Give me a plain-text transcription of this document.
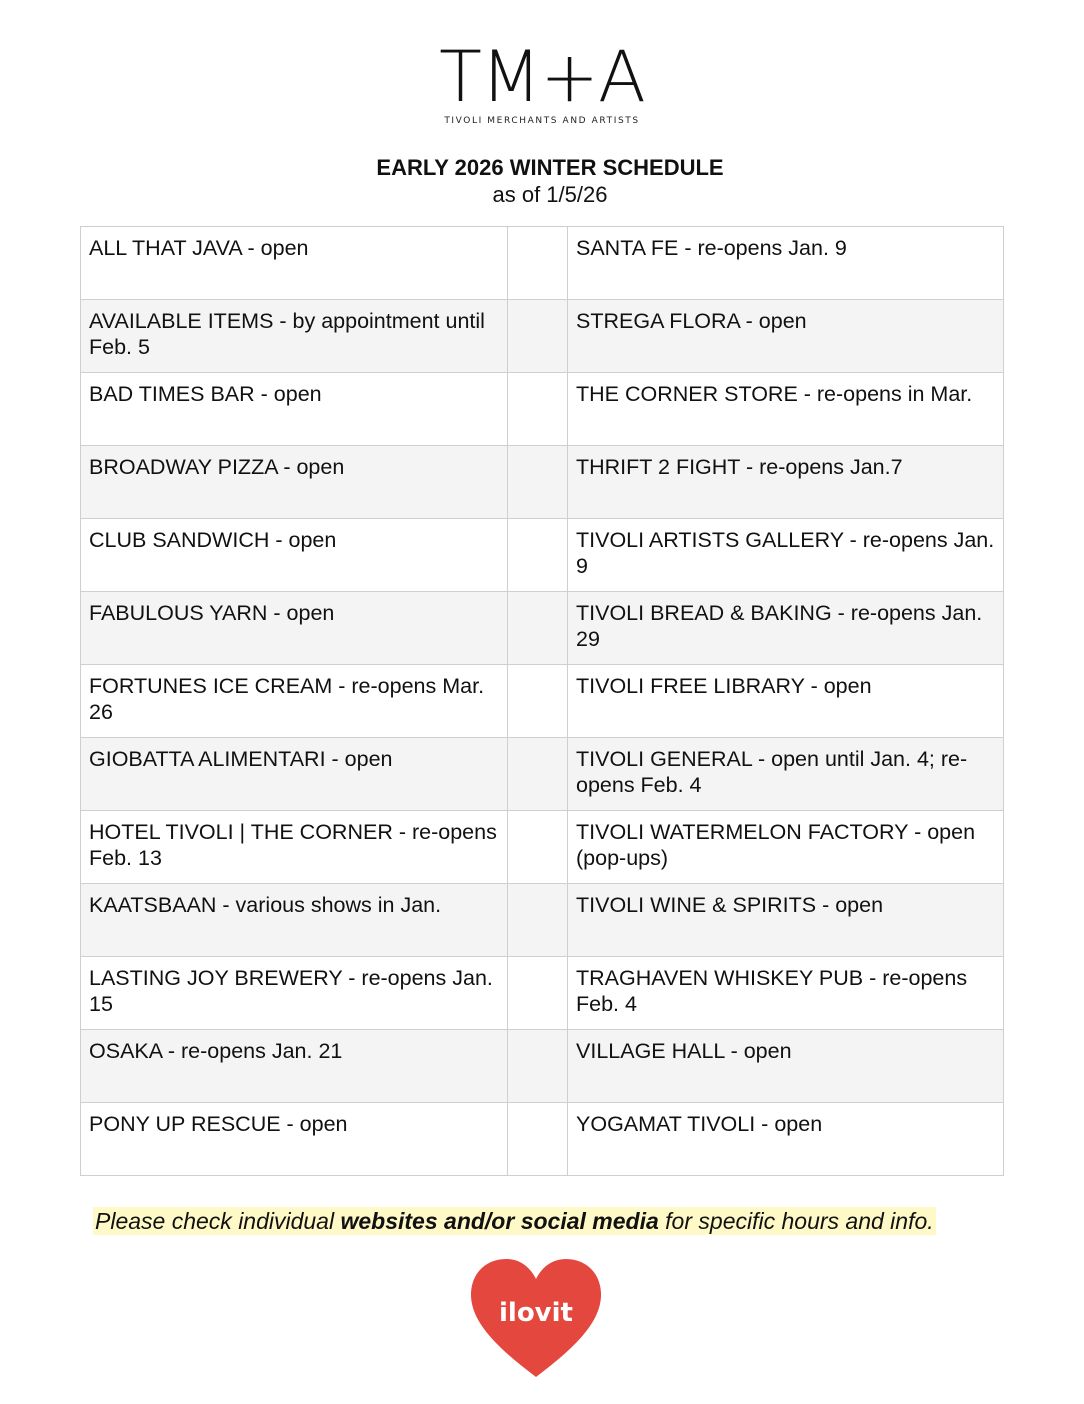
TM+A
TIVOLI MERCHANTS AND ARTISTS
EARLY 2026 WINTER SCHEDULE
as of 1/5/26
ALL THAT JAVA - open		SANTA FE - re-opens Jan. 9
AVAILABLE ITEMS - by appointment until Feb. 5		STREGA FLORA - open
BAD TIMES BAR - open		THE CORNER STORE - re-opens in Mar.
BROADWAY PIZZA - open		THRIFT 2 FIGHT - re-opens Jan.7
CLUB SANDWICH - open		TIVOLI ARTISTS GALLERY - re-opens Jan. 9
FABULOUS YARN - open		TIVOLI BREAD & BAKING - re-opens Jan. 29
FORTUNES ICE CREAM - re-opens Mar. 26		TIVOLI FREE LIBRARY - open
GIOBATTA ALIMENTARI - open		TIVOLI GENERAL - open until Jan. 4; re-opens Feb. 4
HOTEL TIVOLI | THE CORNER - re-opens Feb. 13		TIVOLI WATERMELON FACTORY - open (pop-ups)
KAATSBAAN - various shows in Jan.		TIVOLI WINE & SPIRITS - open
LASTING JOY BREWERY - re-opens Jan. 15		TRAGHAVEN WHISKEY PUB - re-opens Feb. 4
OSAKA - re-opens Jan. 21		VILLAGE HALL - open
PONY UP RESCUE - open		YOGAMAT TIVOLI - open
Please check individual websites and/or social media for specific hours and info.
ilovit
